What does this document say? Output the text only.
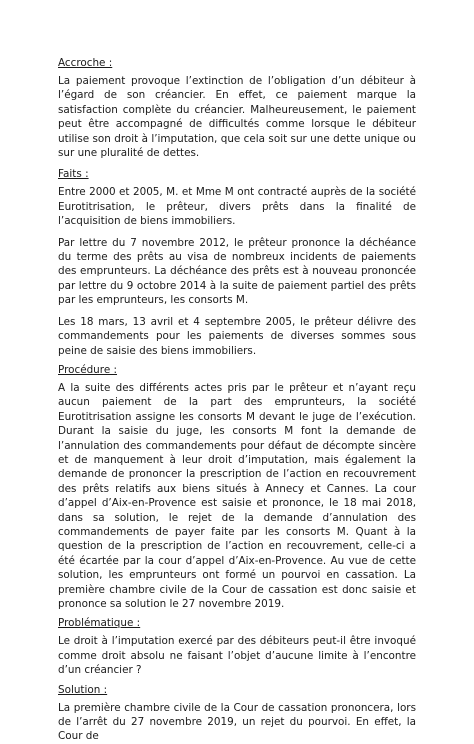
Accroche :

La paiement provoque l’extinction de l’obligation d’un débiteur à l’égard de son créancier. En effet, ce paiement marque la satisfaction complète du créancier. Malheureusement, le paiement peut être accompagné de difficultés comme lorsque le débiteur utilise son droit à l’imputation, que cela soit sur une dette unique ou sur une pluralité de dettes.

Faits :

Entre 2000 et 2005, M. et Mme M ont contracté auprès de la société Eurotitrisation, le prêteur, divers prêts dans la finalité de l’acquisition de biens immobiliers.

Par lettre du 7 novembre 2012, le prêteur prononce la déchéance du terme des prêts au visa de nombreux incidents de paiements des emprunteurs. La déchéance des prêts est à nouveau prononcée par lettre du 9 octobre 2014 à la suite de paiement partiel des prêts par les emprunteurs, les consorts M.

Les 18 mars, 13 avril et 4 septembre 2005, le prêteur délivre des commandements pour les paiements de diverses sommes sous peine de saisie des biens immobiliers.

Procédure :

A la suite des différents actes pris par le prêteur et n’ayant reçu aucun paiement de la part des emprunteurs, la société Eurotitrisation assigne les consorts M devant le juge de l’exécution. Durant la saisie du juge, les consorts M font la demande de l’annulation des commandements pour défaut de décompte sincère et de manquement à leur droit d’imputation, mais également la demande de prononcer la prescription de l’action en recouvrement des prêts relatifs aux biens situés à Annecy et Cannes. La cour d’appel d’Aix-en-Provence est saisie et prononce, le 18 mai 2018, dans sa solution, le rejet de la demande d’annulation des commandements de payer faite par les consorts M. Quant à la question de la prescription de l’action en recouvrement, celle-ci a été écartée par la cour d’appel d’Aix-en-Provence. Au vue de cette solution, les emprunteurs ont formé un pourvoi en cassation. La première chambre civile de la Cour de cassation est donc saisie et prononce sa solution le 27 novembre 2019.

Problématique :

Le droit à l’imputation exercé par des débiteurs peut-il être invoqué comme droit absolu ne faisant l’objet d’aucune limite à l’encontre d’un créancier ?

Solution :

La première chambre civile de la Cour de cassation prononcera, lors de l’arrêt du 27 novembre 2019, un rejet du pourvoi. En effet, la Cour de
